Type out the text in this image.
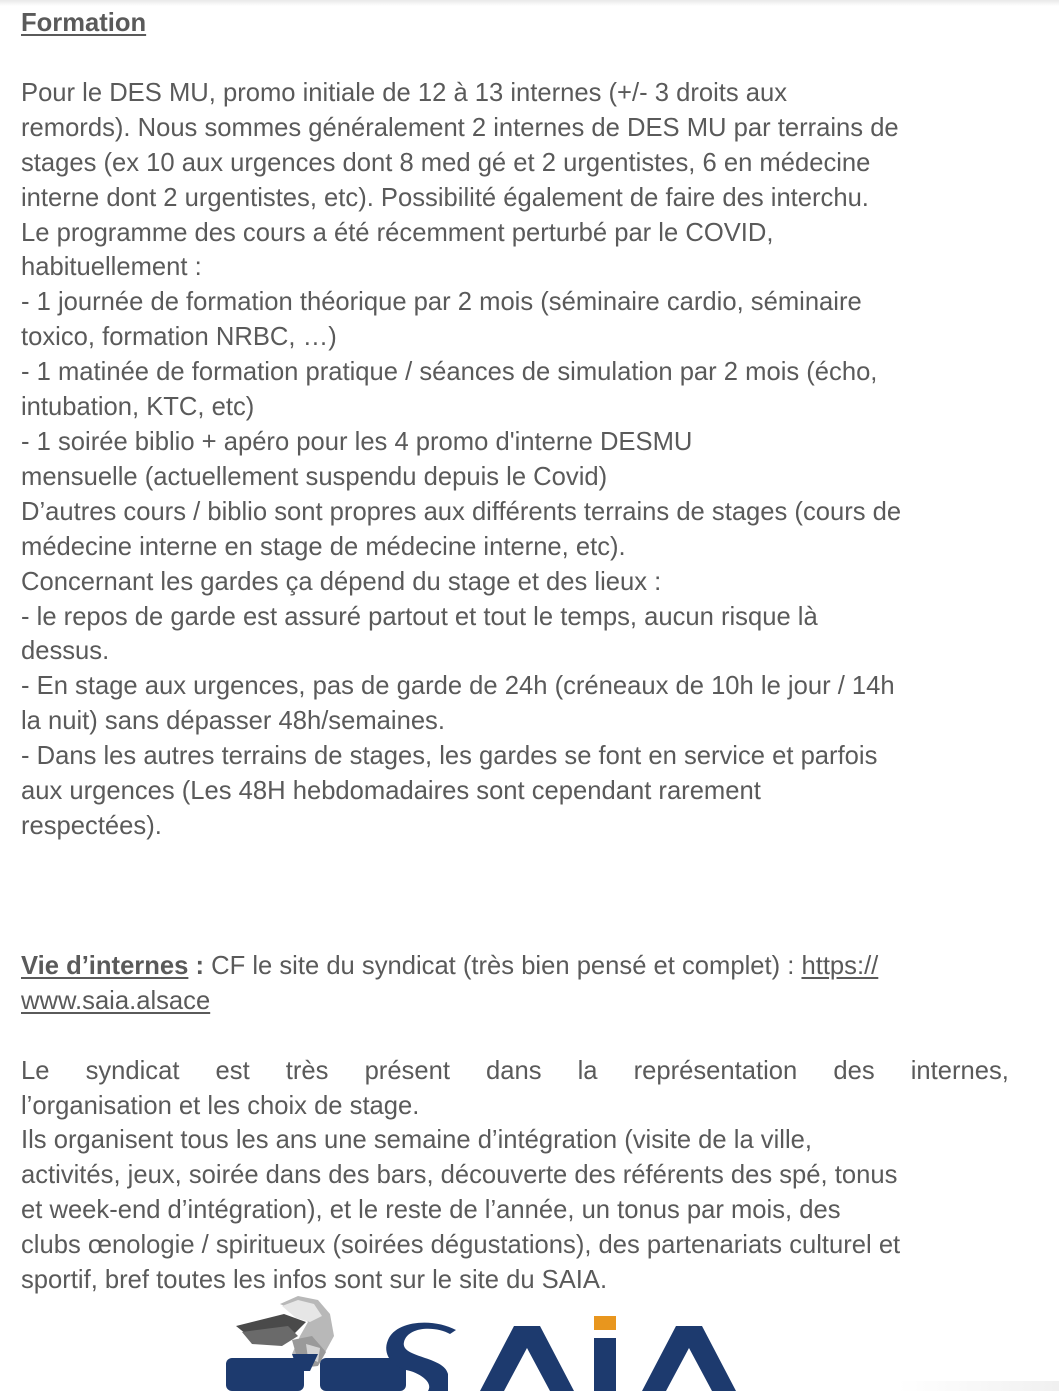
Formation

Pour le DES MU, promo initiale de 12 à 13 internes (+/- 3 droits aux
remords). Nous sommes généralement 2 internes de DES MU par terrains de
stages (ex 10 aux urgences dont 8 med gé et 2 urgentistes, 6 en médecine
interne dont 2 urgentistes, etc). Possibilité également de faire des interchu.
Le programme des cours a été récemment perturbé par le COVID,
habituellement :
- 1 journée de formation théorique par 2 mois (séminaire cardio, séminaire
toxico, formation NRBC, …)
- 1 matinée de formation pratique / séances de simulation par 2 mois (écho,
intubation, KTC, etc)
- 1 soirée biblio + apéro pour les 4 promo d'interne DESMU
mensuelle (actuellement suspendu depuis le Covid)
D’autres cours / biblio sont propres aux différents terrains de stages (cours de
médecine interne en stage de médecine interne, etc).
Concernant les gardes ça dépend du stage et des lieux :
- le repos de garde est assuré partout et tout le temps, aucun risque là
dessus.
- En stage aux urgences, pas de garde de 24h (créneaux de 10h le jour / 14h
la nuit) sans dépasser 48h/semaines.
- Dans les autres terrains de stages, les gardes se font en service et parfois
aux urgences (Les 48H hebdomadaires sont cependant rarement
respectées).
Vie d’internes : CF le site du syndicat (très bien pensé et complet) : https://
www.saia.alsace
Le syndicat est très présent dans la représentation des internes,
l’organisation et les choix de stage.
Ils organisent tous les ans une semaine d’intégration (visite de la ville,
activités, jeux, soirée dans des bars, découverte des référents des spé, tonus
et week-end d’intégration), et le reste de l’année, un tonus par mois, des
clubs œnologie / spiritueux (soirées dégustations), des partenariats culturel et
sportif, bref toutes les infos sont sur le site du SAIA.
